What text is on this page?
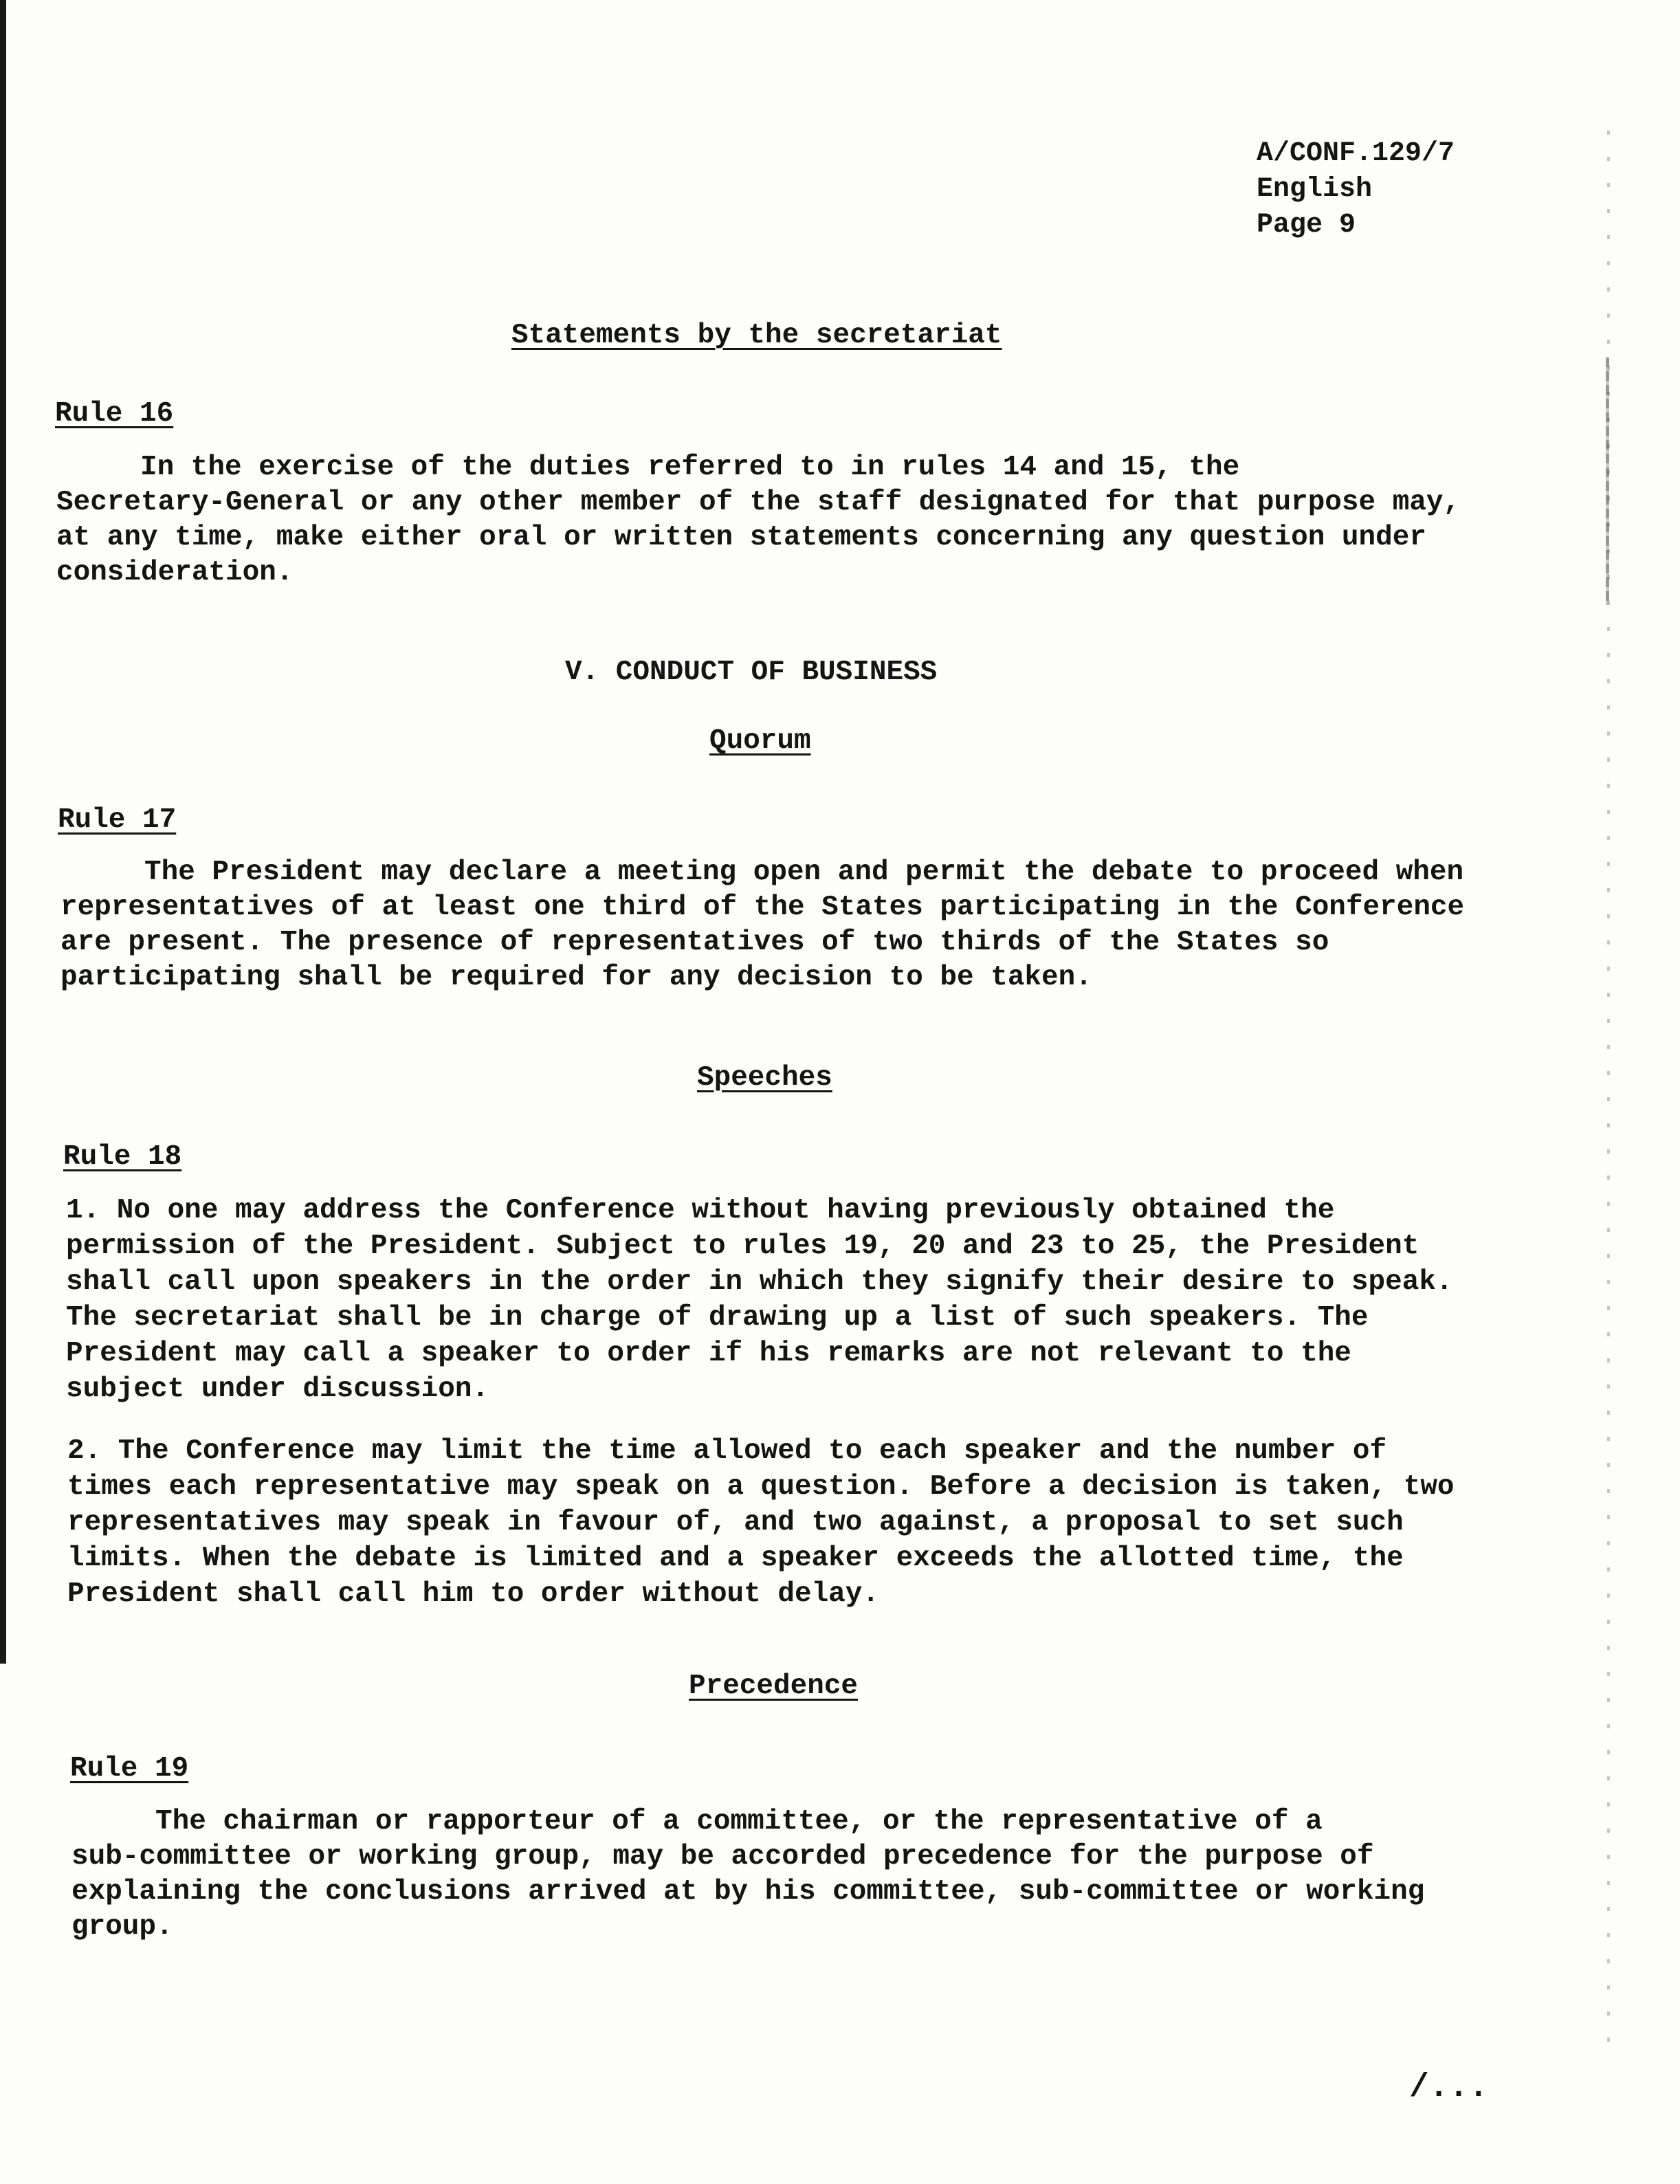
A/CONF.129/7
English
Page 9
Statements by the secretariat
Rule 16

In the exercise of the duties referred to in rules 14 and 15, the

Secretary-General or any other member of the staff designated for that purpose may,

at any time, make either oral or written statements concerning any question under

consideration.

V. CONDUCT OF BUSINESS
Quorum
Rule 17

The President may declare a meeting open and permit the debate to proceed when

representatives of at least one third of the States participating in the Conference

are present. The presence of representatives of two thirds of the States so

participating shall be required for any decision to be taken.

Speeches
Rule 18

1. No one may address the Conference without having previously obtained the

permission of the President. Subject to rules 19, 20 and 23 to 25, the President

shall call upon speakers in the order in which they signify their desire to speak.

The secretariat shall be in charge of drawing up a list of such speakers. The

President may call a speaker to order if his remarks are not relevant to the

subject under discussion.

2. The Conference may limit the time allowed to each speaker and the number of

times each representative may speak on a question. Before a decision is taken, two

representatives may speak in favour of, and two against, a proposal to set such

limits. When the debate is limited and a speaker exceeds the allotted time, the

President shall call him to order without delay.

Precedence
Rule 19

The chairman or rapporteur of a committee, or the representative of a

sub-committee or working group, may be accorded precedence for the purpose of

explaining the conclusions arrived at by his committee, sub-committee or working

group.

/...
